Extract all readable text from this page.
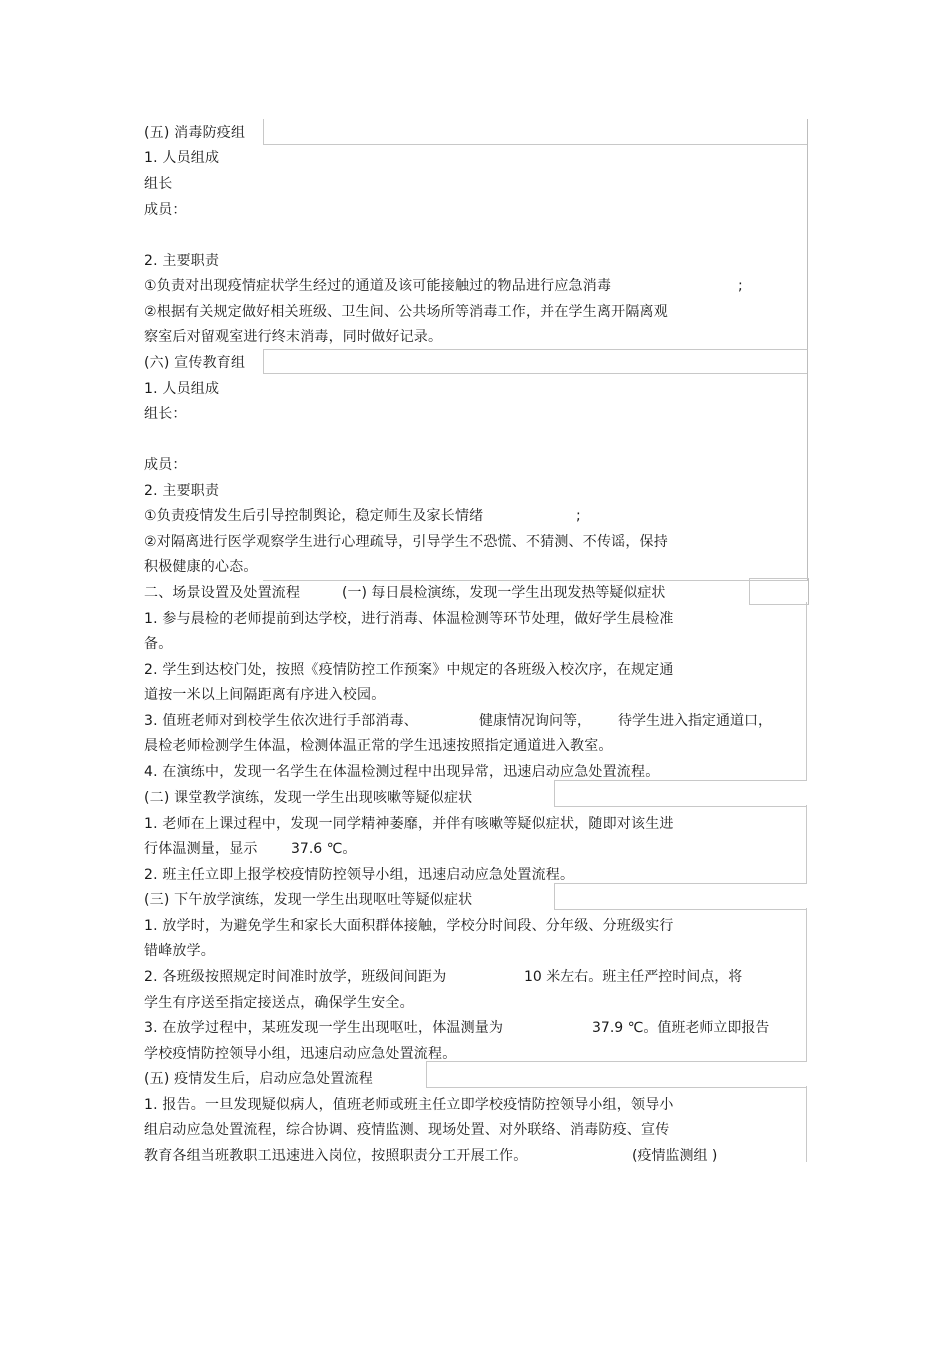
(五) 消毒防疫组
1. 人员组成
组长
成员：
2. 主要职责
①负责对出现疫情症状学生经过的通道及该可能接触过的物品进行应急消毒	;
②根据有关规定做好相关班级、卫生间、公共场所等消毒工作，并在学生离开隔离观
察室后对留观室进行终末消毒，同时做好记录。
(六) 宣传教育组
1. 人员组成
组长：
成员：
2. 主要职责
①负责疫情发生后引导控制舆论，稳定师生及家长情绪	;
②对隔离进行医学观察学生进行心理疏导，引导学生不恐慌、不猜测、不传谣，保持
积极健康的心态。
二、场景设置及处置流程	(一) 每日晨检演练，发现一学生出现发热等疑似症状
1. 参与晨检的老师提前到达学校，进行消毒、体温检测等环节处理，做好学生晨检准
备。
2. 学生到达校门处，按照《疫情防控工作预案》中规定的各班级入校次序，在规定通
道按一米以上间隔距离有序进入校园。
3. 值班老师对到校学生依次进行手部消毒、	健康情况询问等， 待学生进入指定通道口，
晨检老师检测学生体温，检测体温正常的学生迅速按照指定通道进入教室。
4. 在演练中，发现一名学生在体温检测过程中出现异常，迅速启动应急处置流程。
(二) 课堂教学演练，发现一学生出现咳嗽等疑似症状
1. 老师在上课过程中，发现一同学精神萎靡，并伴有咳嗽等疑似症状，随即对该生进
行体温测量，显示 37.6 ℃。
2. 班主任立即上报学校疫情防控领导小组，迅速启动应急处置流程。
(三) 下午放学演练，发现一学生出现呕吐等疑似症状
1. 放学时，为避免学生和家长大面积群体接触，学校分时间段、分年级、分班级实行
错峰放学。
2. 各班级按照规定时间准时放学，班级间间距为	10 米左右。班主任严控时间点，将
学生有序送至指定接送点，确保学生安全。
3. 在放学过程中，某班发现一学生出现呕吐，体温测量为	37.9 ℃。值班老师立即报告
学校疫情防控领导小组，迅速启动应急处置流程。
(五) 疫情发生后，启动应急处置流程
1. 报告。一旦发现疑似病人，值班老师或班主任立即学校疫情防控领导小组，领导小
组启动应急处置流程，综合协调、疫情监测、现场处置、对外联络、消毒防疫、宣传
教育各组当班教职工迅速进入岗位，按照职责分工开展工作。	(疫情监测组 )
